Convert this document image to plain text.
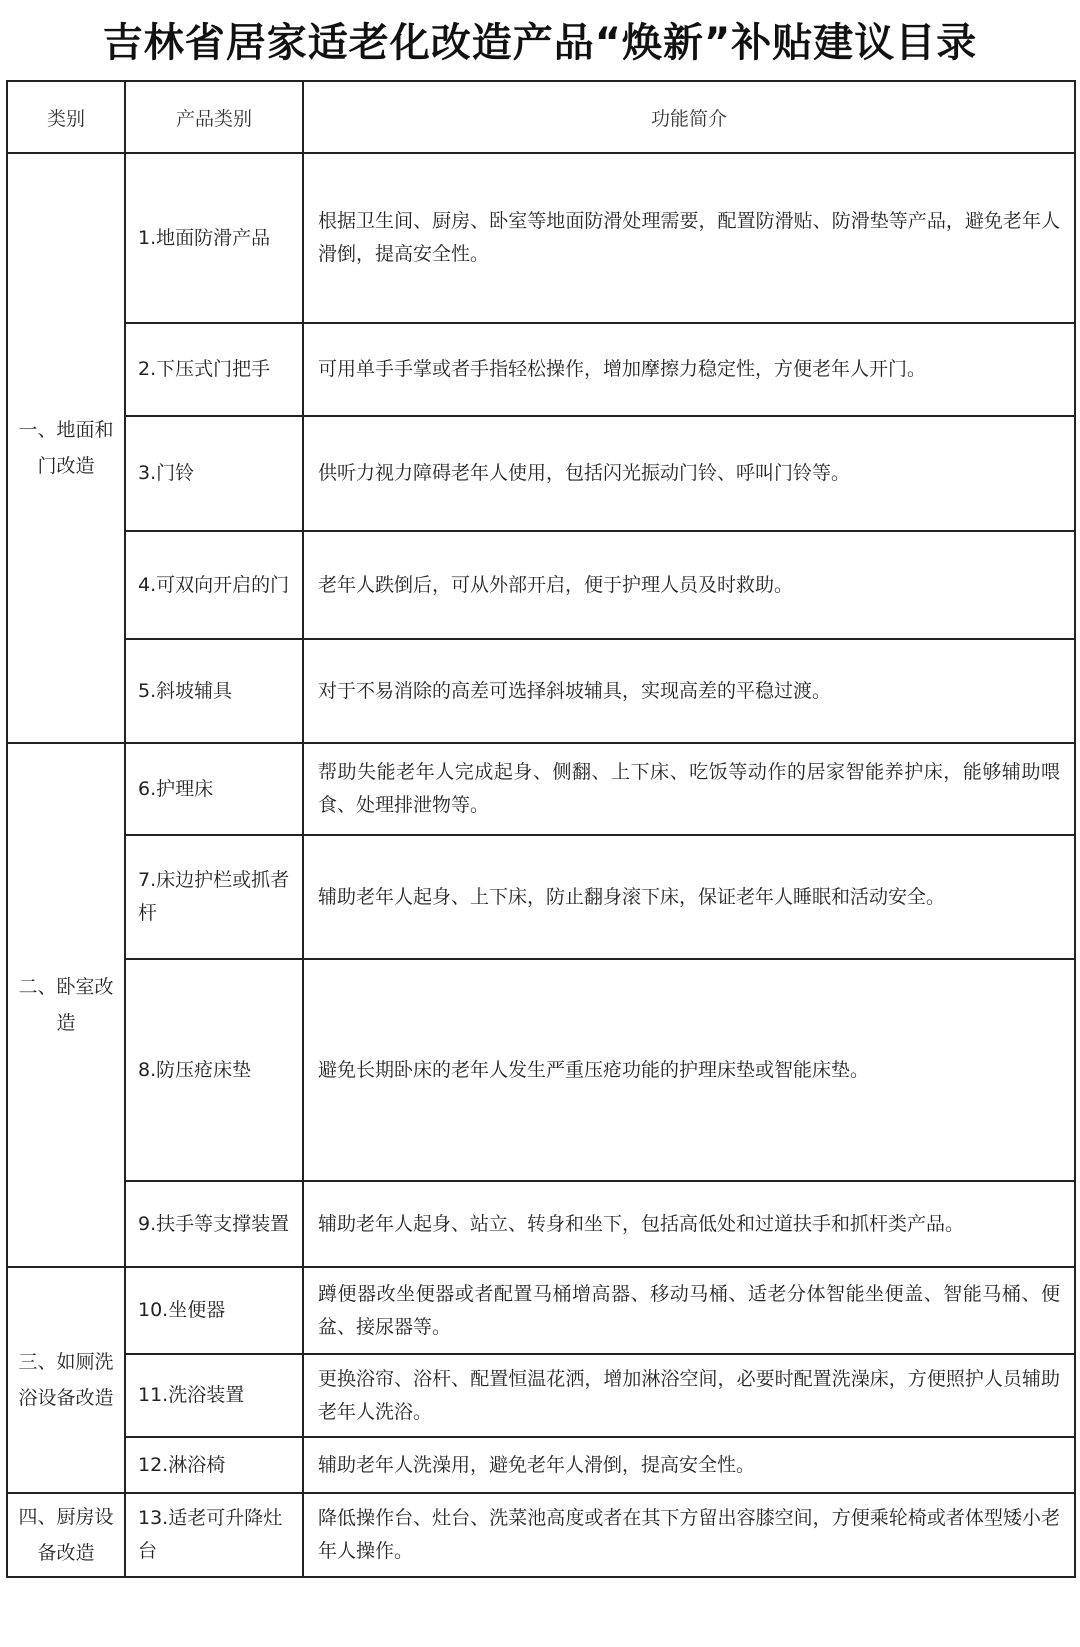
吉林省居家适老化改造产品“焕新”补贴建议目录
类别	产品类别	功能简介
一、地面和门改造	1.地面防滑产品	根据卫生间、厨房、卧室等地面防滑处理需要，配置防滑贴、防滑垫等产品，避免老年人滑倒，提高安全性。
	2.下压式门把手	可用单手手掌或者手指轻松操作，增加摩擦力稳定性，方便老年人开门。
	3.门铃	供听力视力障碍老年人使用，包括闪光振动门铃、呼叫门铃等。
	4.可双向开启的门	老年人跌倒后，可从外部开启，便于护理人员及时救助。
	5.斜坡辅具	对于不易消除的高差可选择斜坡辅具，实现高差的平稳过渡。
二、卧室改造	6.护理床	帮助失能老年人完成起身、侧翻、上下床、吃饭等动作的居家智能养护床，能够辅助喂食、处理排泄物等。
	7.床边护栏或抓者杆	辅助老年人起身、上下床，防止翻身滚下床，保证老年人睡眠和活动安全。
	8.防压疮床垫	避免长期卧床的老年人发生严重压疮功能的护理床垫或智能床垫。
	9.扶手等支撑装置	辅助老年人起身、站立、转身和坐下，包括高低处和过道扶手和抓杆类产品。
三、如厕洗浴设备改造	10.坐便器	蹲便器改坐便器或者配置马桶增高器、移动马桶、适老分体智能坐便盖、智能马桶、便盆、接尿器等。
	11.洗浴装置	更换浴帘、浴杆、配置恒温花洒，增加淋浴空间，必要时配置洗澡床，方便照护人员辅助老年人洗浴。
	12.淋浴椅	辅助老年人洗澡用，避免老年人滑倒，提高安全性。
四、厨房设备改造	13.适老可升降灶台	降低操作台、灶台、洗菜池高度或者在其下方留出容膝空间，方便乘轮椅或者体型矮小老年人操作。
